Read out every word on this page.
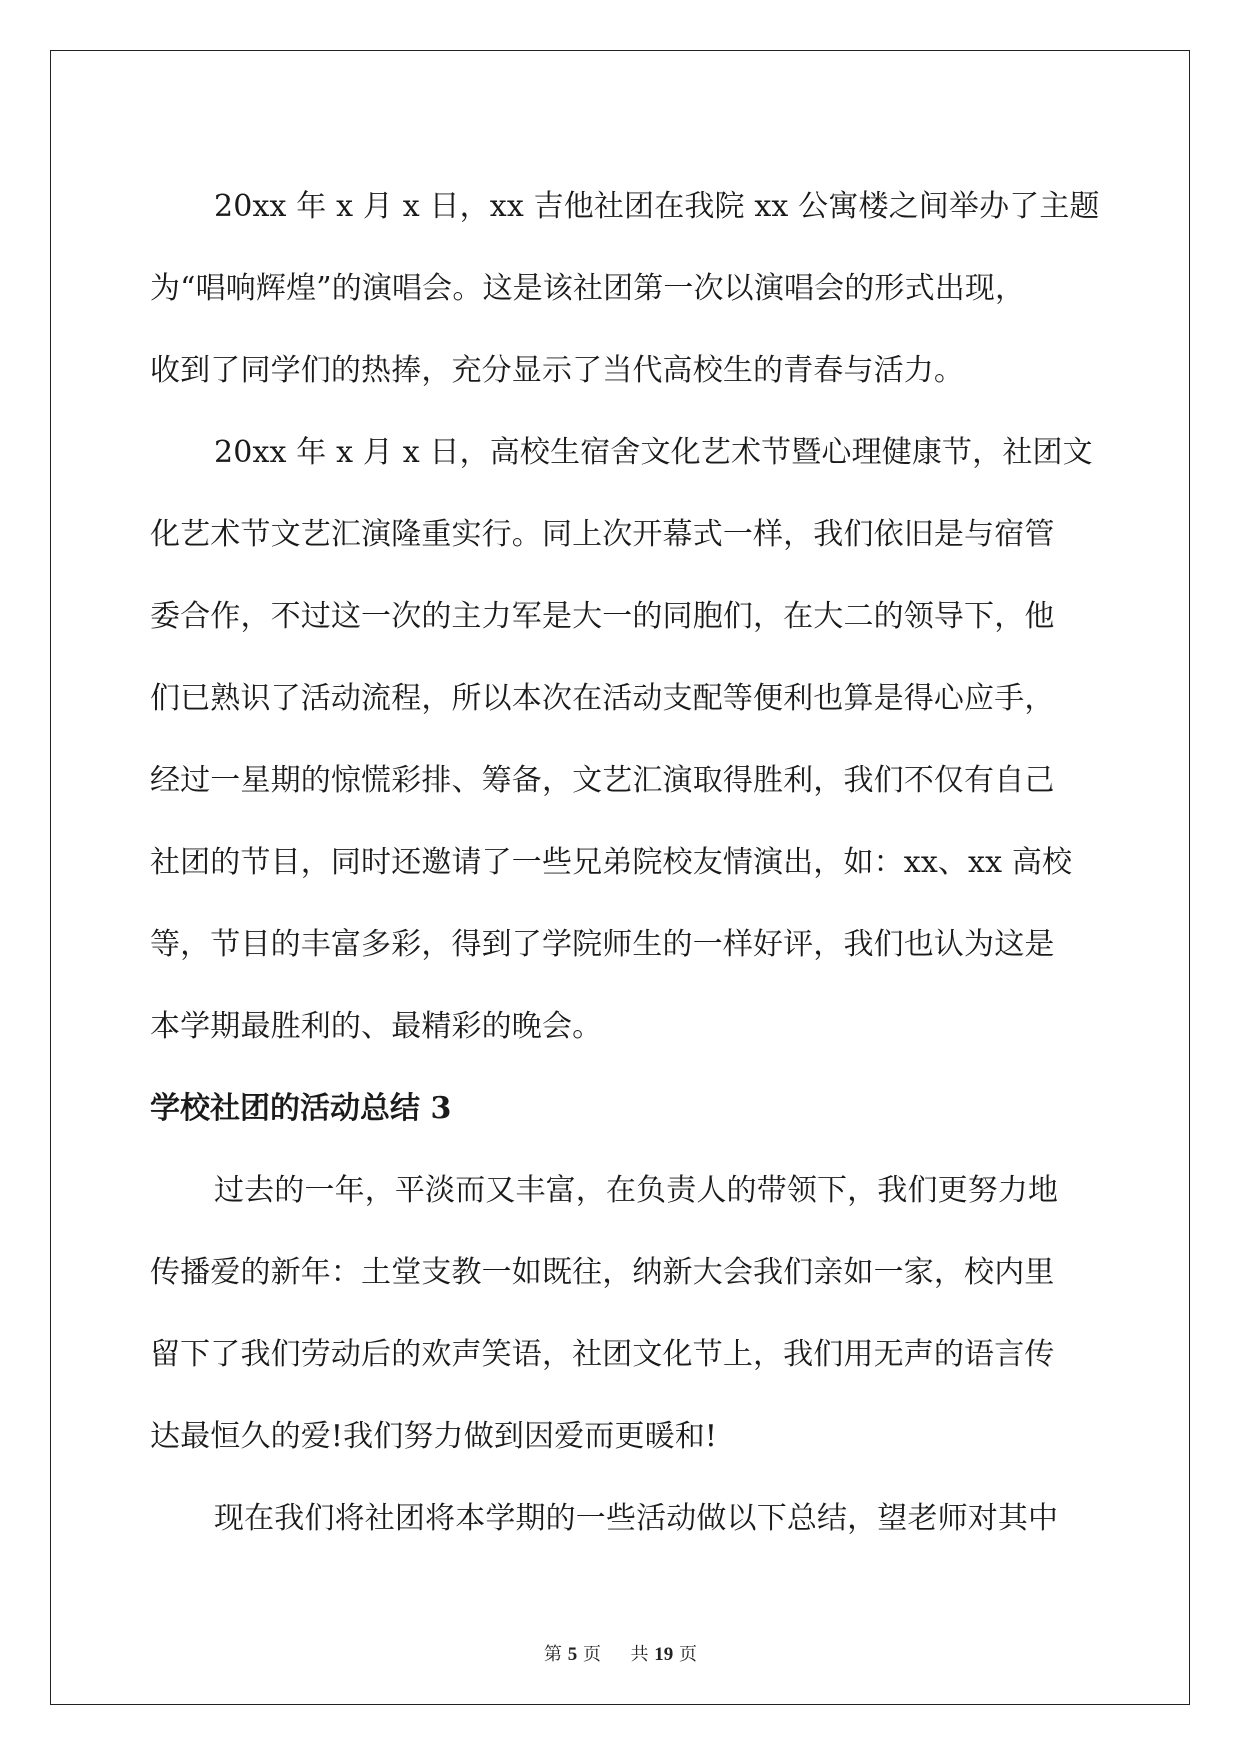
20xx 年 x 月 x 日，xx 吉他社团在我院 xx 公寓楼之间举办了主题
为“唱响辉煌”的演唱会。这是该社团第一次以演唱会的形式出现，
收到了同学们的热捧，充分显示了当代高校生的青春与活力。
20xx 年 x 月 x 日，高校生宿舍文化艺术节暨心理健康节，社团文
化艺术节文艺汇演隆重实行。同上次开幕式一样，我们依旧是与宿管
委合作，不过这一次的主力军是大一的同胞们，在大二的领导下，他
们已熟识了活动流程，所以本次在活动支配等便利也算是得心应手，
经过一星期的惊慌彩排、筹备，文艺汇演取得胜利，我们不仅有自己
社团的节目，同时还邀请了一些兄弟院校友情演出，如：xx、xx 高校
等，节目的丰富多彩，得到了学院师生的一样好评，我们也认为这是
本学期最胜利的、最精彩的晚会。
学校社团的活动总结 3
过去的一年，平淡而又丰富，在负责人的带领下，我们更努力地
传播爱的新年：土堂支教一如既往，纳新大会我们亲如一家，校内里
留下了我们劳动后的欢声笑语，社团文化节上，我们用无声的语言传
达最恒久的爱!我们努力做到因爱而更暖和!
现在我们将社团将本学期的一些活动做以下总结，望老师对其中
第 5 页 共 19 页
